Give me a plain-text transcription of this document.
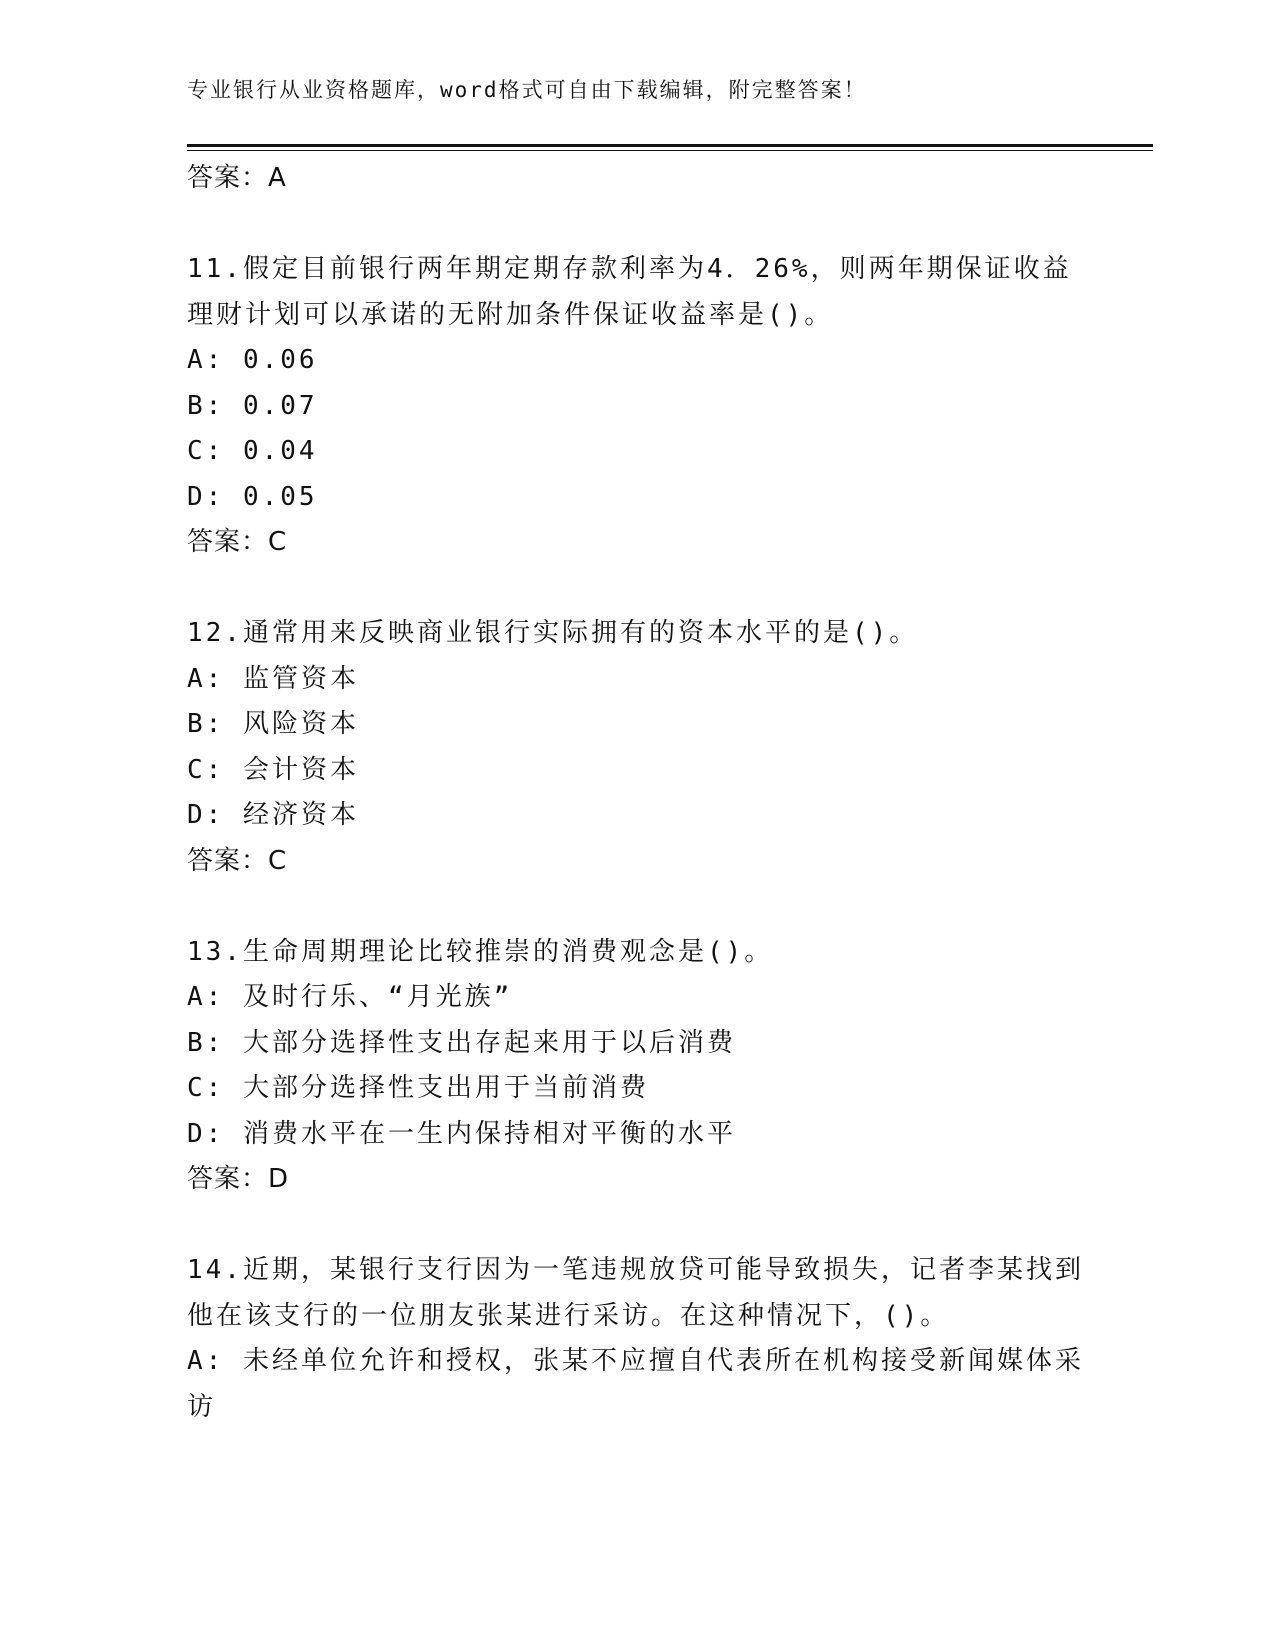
专业银行从业资格题库，word格式可自由下载编辑，附完整答案！
答案：A
11.假定目前银行两年期定期存款利率为4．26%，则两年期保证收益
理财计划可以承诺的无附加条件保证收益率是()。
A: 0.06
B: 0.07
C: 0.04
D: 0.05
答案：C
12.通常用来反映商业银行实际拥有的资本水平的是()。
A: 监管资本
B: 风险资本
C: 会计资本
D: 经济资本
答案：C
13.生命周期理论比较推崇的消费观念是()。
A: 及时行乐、“月光族”
B: 大部分选择性支出存起来用于以后消费
C: 大部分选择性支出用于当前消费
D: 消费水平在一生内保持相对平衡的水平
答案：D
14.近期，某银行支行因为一笔违规放贷可能导致损失，记者李某找到
他在该支行的一位朋友张某进行采访。在这种情况下，()。
A: 未经单位允许和授权，张某不应擅自代表所在机构接受新闻媒体采
访
